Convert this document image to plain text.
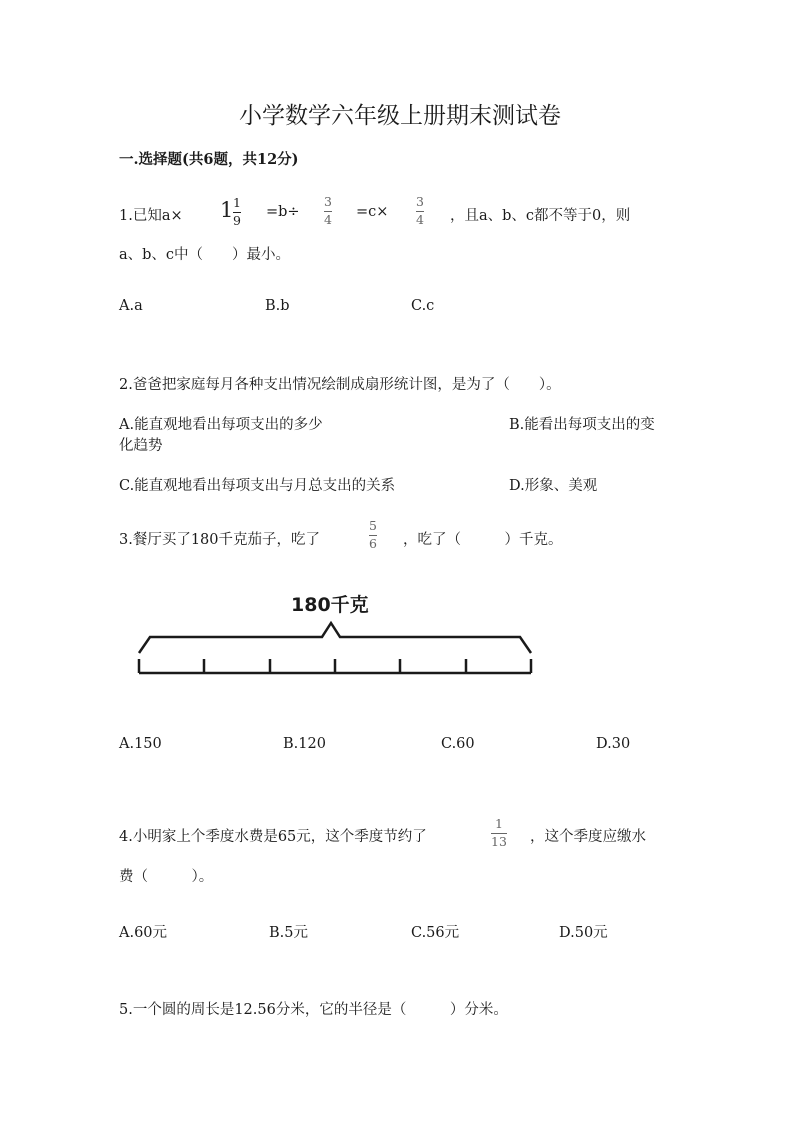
小学数学六年级上册期末测试卷
一.选择题(共6题，共12分)
1.已知a× 1 1
9 =b÷
3
4 =c×
3
4 ，且a、b、c都不等于0，则
a、b、c中（　　）最小。
A.a	B.b	C.c
2.爸爸把家庭每月各种支出情况绘制成扇形统计图，是为了（　　）。
A.能直观地看出每项支出的多少	B.能看出每项支出的变
化趋势
C.能直观地看出每项支出与月总支出的关系	D.形象、美观
3.餐厅买了180千克茄子，吃了
5
6 ，吃了（　　　）千克。
180千克
A.150	B.120	C.60	D.30
4.小明家上个季度水费是65元，这个季度节约了
1
13 ，这个季度应缴水
费（　　　）。
A.60元	B.5元	C.56元	D.50元
5.一个圆的周长是12.56分米，它的半径是（　　　）分米。
